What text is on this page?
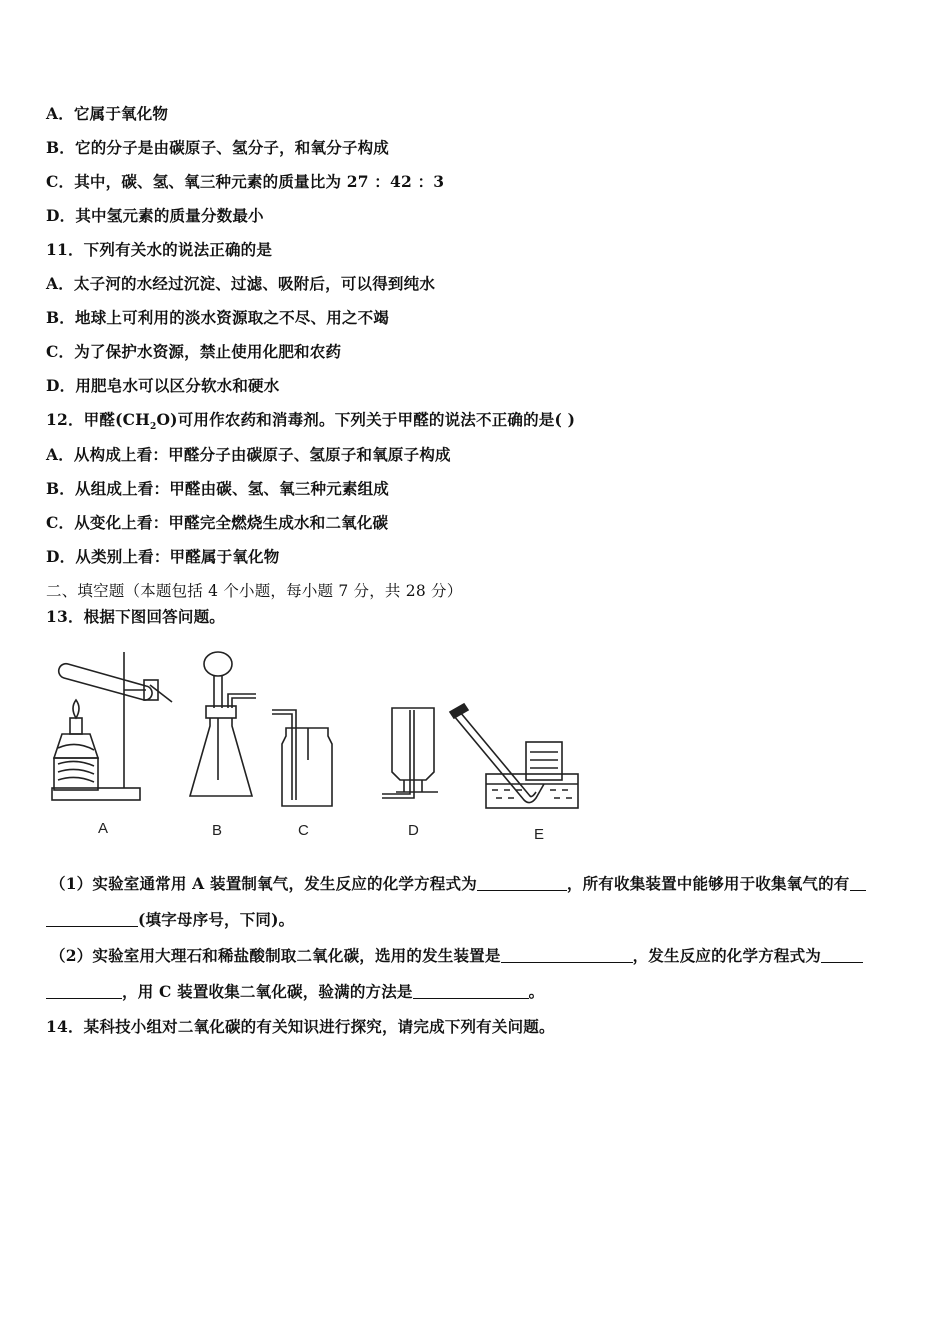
A．它属于氧化物
B．它的分子是由碳原子、氢分子，和氧分子构成
C．其中，碳、氢、氧三种元素的质量比为 27 ：42 ：3
D．其中氢元素的质量分数最小
11．下列有关水的说法正确的是
A．太子河的水经过沉淀、过滤、吸附后，可以得到纯水
B．地球上可利用的淡水资源取之不尽、用之不竭
C．为了保护水资源，禁止使用化肥和农药
D．用肥皂水可以区分软水和硬水
12．甲醛$(CH_2O)$可用作农药和消毒剂。下列关于甲醛的说法不正确的是( )
A．从构成上看：甲醛分子由碳原子、氢原子和氧原子构成
B．从组成上看：甲醛由碳、氢、氧三种元素组成
C．从变化上看：甲醛完全燃烧生成水和二氧化碳
D．从类别上看：甲醛属于氧化物
二、填空题（本题包括 4 个小题，每小题 7 分，共 28 分）
13．根据下图回答问题。
A	B	C	D	E
（1）实验室通常用 A 装置制氧气，发生反应的化学方程式为	，所有收集装置中能够用于收集氧气的有
(填字母序号，下同)。
（2）实验室用大理石和稀盐酸制取二氧化碳，选用的发生装置是	，发生反应的化学方程式为
，用 C 装置收集二氧化碳，验满的方法是	。
14．某科技小组对二氧化碳的有关知识进行探究，请完成下列有关问题。
